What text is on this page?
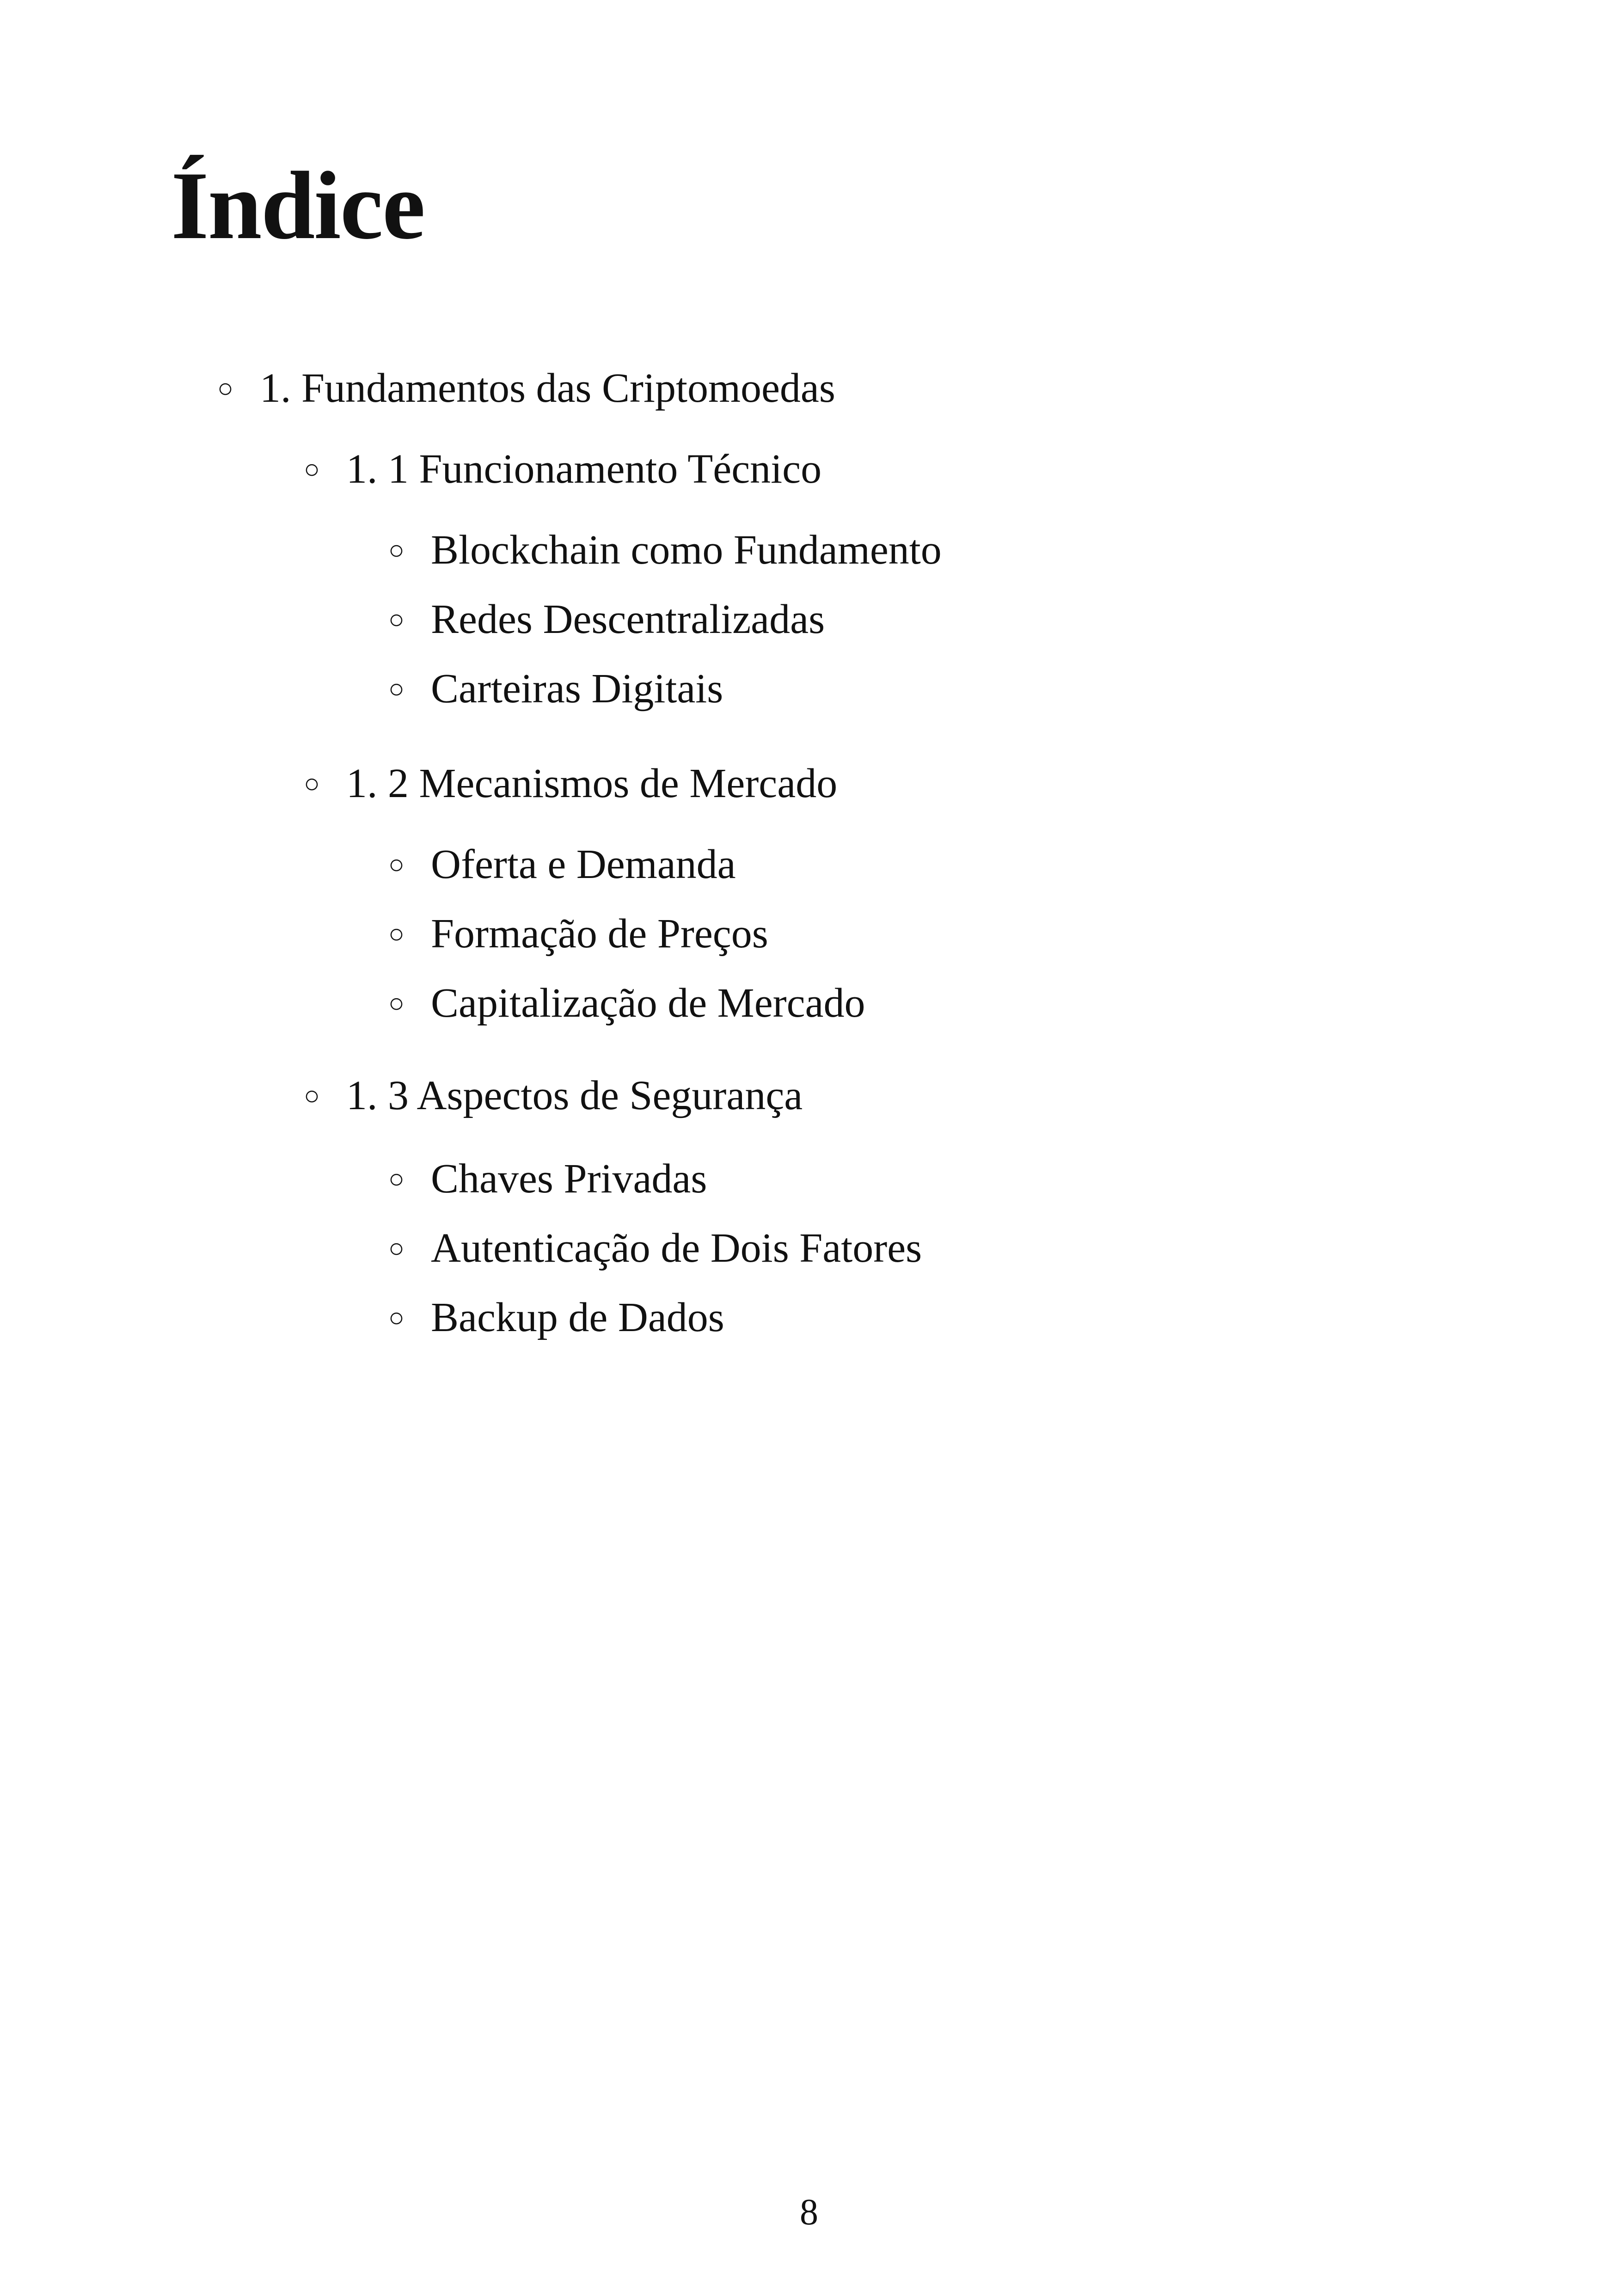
Índice
○ 1. Fundamentos das Criptomoedas
○ 1. 1 Funcionamento Técnico
○ Blockchain como Fundamento
○ Redes Descentralizadas
○ Carteiras Digitais
○ 1. 2 Mecanismos de Mercado
○ Oferta e Demanda
○ Formação de Preços
○ Capitalização de Mercado
○ 1. 3 Aspectos de Segurança
○ Chaves Privadas
○ Autenticação de Dois Fatores
○ Backup de Dados
8
